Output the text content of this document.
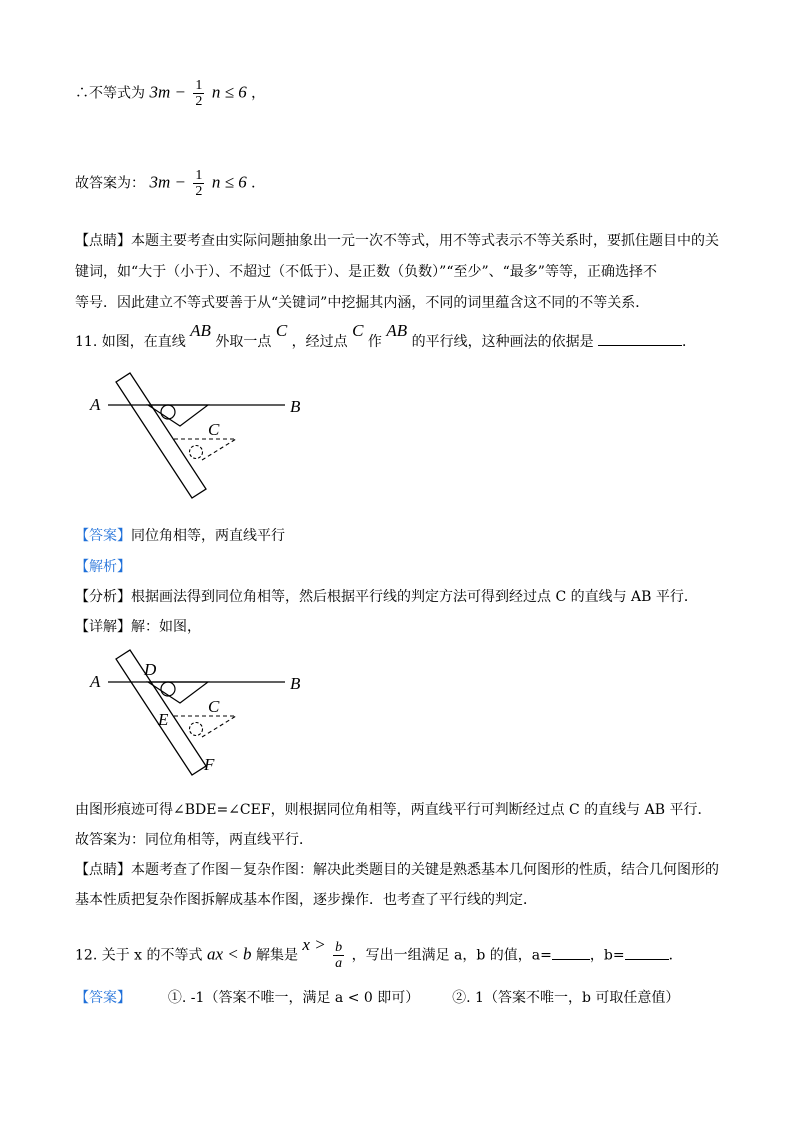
∴不等式为 $3m - \frac{1}{2}$ n ≤ 6 ，
故答案为： $3m - \frac{1}{2}$ n ≤ 6 ．
【点睛】本题主要考查由实际问题抽象出一元一次不等式，用不等式表示不等关系时，要抓住题目中的关
键词，如“大于（小于）、不超过（不低于）、是正数（负数）”“至少”、“最多”等等，正确选择不
等号．因此建立不等式要善于从“关键词”中挖掘其内涵，不同的词里蕴含这不同的不等关系．
11. 如图，在直线 AB 外取一点 C ，经过点 C 作 AB 的平行线，这种画法的依据是	．
A	B
C
【答案】同位角相等，两直线平行
【解析】
【分析】根据画法得到同位角相等，然后根据平行线的判定方法可得到经过点 C 的直线与 AB 平行．
【详解】解：如图，
A	B
D
C
E
F
由图形痕迹可得∠BDE=∠CEF，则根据同位角相等，两直线平行可判断经过点 C 的直线与 AB 平行．
故答案为：同位角相等，两直线平行．
【点睛】本题考查了作图－复杂作图：解决此类题目的关键是熟悉基本几何图形的性质，结合几何图形的
基本性质把复杂作图拆解成基本作图，逐步操作．也考查了平行线的判定．
12. 关于 x 的不等式 ax < b 解集是 $x > \frac{b}{a}$ ，写出一组满足 a，b 的值，a=	，b=	．
【答案】	①. -1（答案不唯一，满足 a < 0 即可） ②. 1（答案不唯一，b 可取任意值）
